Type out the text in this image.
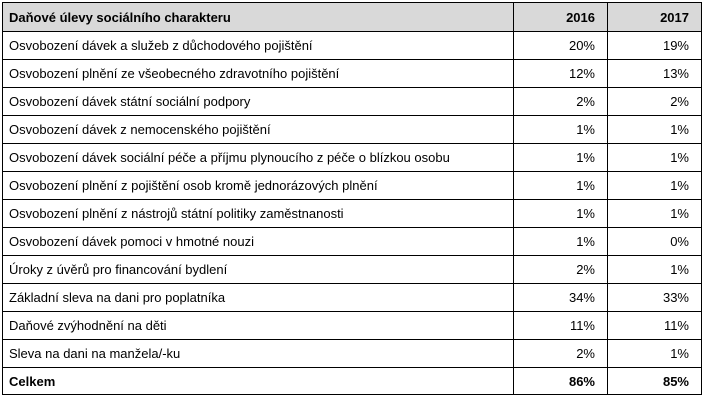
Daňové úlevy sociálního charakteru	2016	2017
Osvobození dávek a služeb z důchodového pojištění	20%	19%
Osvobození plnění ze všeobecného zdravotního pojištění	12%	13%
Osvobození dávek státní sociální podpory	2%	2%
Osvobození dávek z nemocenského pojištění	1%	1%
Osvobození dávek sociální péče a příjmu plynoucího z péče o blízkou osobu	1%	1%
Osvobození plnění z pojištění osob kromě jednorázových plnění	1%	1%
Osvobození plnění z nástrojů státní politiky zaměstnanosti	1%	1%
Osvobození dávek pomoci v hmotné nouzi	1%	0%
Úroky z úvěrů pro financování bydlení	2%	1%
Základní sleva na dani pro poplatníka	34%	33%
Daňové zvýhodnění na děti	11%	11%
Sleva na dani na manžela/-ku	2%	1%
Celkem	86%	85%
